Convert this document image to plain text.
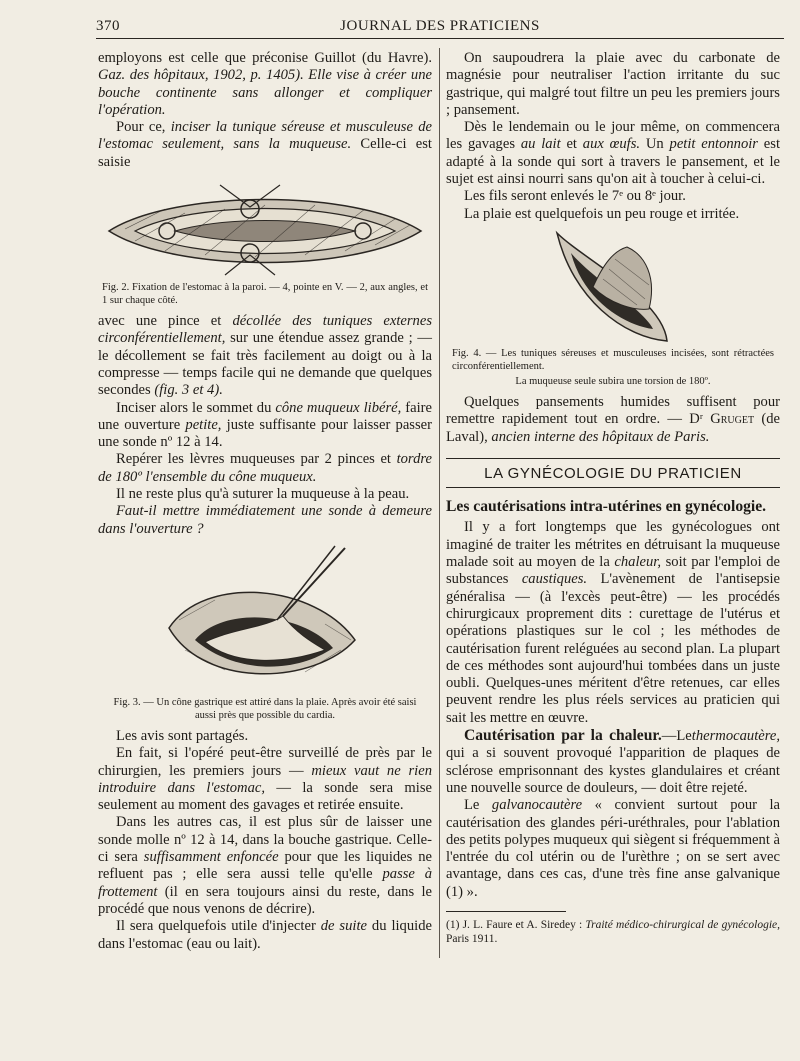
370	JOURNAL DES PRATICIENS

employons est celle que préconise Guillot (du Havre). Gaz. des hôpitaux, 1902, p. 1405). Elle vise à créer une bouche continente sans allonger et compliquer l'opération.

Pour ce, inciser la tunique séreuse et musculeuse de l'estomac seulement, sans la muqueuse. Celle-ci est saisie

Fig. 2. Fixation de l'estomac à la paroi. — 4, pointe en V. — 2, aux angles, et 1 sur chaque côté.

avec une pince et décollée des tuniques externes circonférentiellement, sur une étendue assez grande ; — le décollement se fait très facilement au doigt ou à la compresse — temps facile qui ne demande que quelques secondes (fig. 3 et 4).

Inciser alors le sommet du cône muqueux libéré, faire une ouverture petite, juste suffisante pour laisser passer une sonde nº 12 à 14.

Repérer les lèvres muqueuses par 2 pinces et tordre de 180º l'ensemble du cône muqueux.

Il ne reste plus qu'à suturer la muqueuse à la peau.

Faut-il mettre immédiatement une sonde à demeure dans l'ouverture ?

Fig. 3. — Un cône gastrique est attiré dans la plaie. Après avoir été saisi aussi près que possible du cardia.

Les avis sont partagés.

En fait, si l'opéré peut-être surveillé de près par le chirurgien, les premiers jours — mieux vaut ne rien introduire dans l'estomac, — la sonde sera mise seulement au moment des gavages et retirée ensuite.

Dans les autres cas, il est plus sûr de laisser une sonde molle nº 12 à 14, dans la bouche gastrique. Celle-ci sera suffisamment enfoncée pour que les liquides ne refluent pas ; elle sera aussi telle qu'elle passe à frottement (il en sera toujours ainsi du reste, dans le procédé que nous venons de décrire).

Il sera quelquefois utile d'injecter de suite du liquide dans l'estomac (eau ou lait).

On saupoudrera la plaie avec du carbonate de magnésie pour neutraliser l'action irritante du suc gastrique, qui malgré tout filtre un peu les premiers jours ; pansement.

Dès le lendemain ou le jour même, on commencera les gavages au lait et aux œufs. Un petit entonnoir est adapté à la sonde qui sort à travers le pansement, et le sujet est ainsi nourri sans qu'on ait à toucher à celui-ci.

Les fils seront enlevés le 7ᵉ ou 8ᵉ jour.

La plaie est quelquefois un peu rouge et irritée.

Fig. 4. — Les tuniques séreuses et musculeuses incisées, sont rétractées circonférentiellement.
La muqueuse seule subira une torsion de 180º.

Quelques pansements humides suffisent pour remettre rapidement tout en ordre. — Dʳ Gruget (de Laval), ancien interne des hôpitaux de Paris.

LA GYNÉCOLOGIE DU PRATICIEN
Les cautérisations intra-utérines en gynécologie.

Il y a fort longtemps que les gynécologues ont imaginé de traiter les métrites en détruisant la muqueuse malade soit au moyen de la chaleur, soit par l'emploi de substances caustiques. L'avènement de l'antisepsie généralisa — (à l'excès peut-être) — les procédés chirurgicaux proprement dits : curettage de l'utérus et opérations plastiques sur le col ; les méthodes de cautérisation furent reléguées au second plan. La plupart de ces méthodes sont aujourd'hui tombées dans un juste oubli. Quelques-unes méritent d'être retenues, car elles peuvent rendre les plus réels services au praticien qui sait les mettre en œuvre.

Cautérisation par la chaleur.—Lethermocautère, qui a si souvent provoqué l'apparition de plaques de sclérose emprisonnant des kystes glandulaires et créant une nouvelle source de douleurs, — doit être rejeté.

Le galvanocautère « convient surtout pour la cautérisation des glandes péri-uréthrales, pour l'ablation des petits polypes muqueux qui siègent si fréquemment à l'entrée du col utérin ou de l'urèthre ; on se sert avec avantage, dans ces cas, d'une très fine anse galvanique (1) ».

(1) J. L. Faure et A. Siredey : Traité médico-chirurgical de gynécologie, Paris 1911.
